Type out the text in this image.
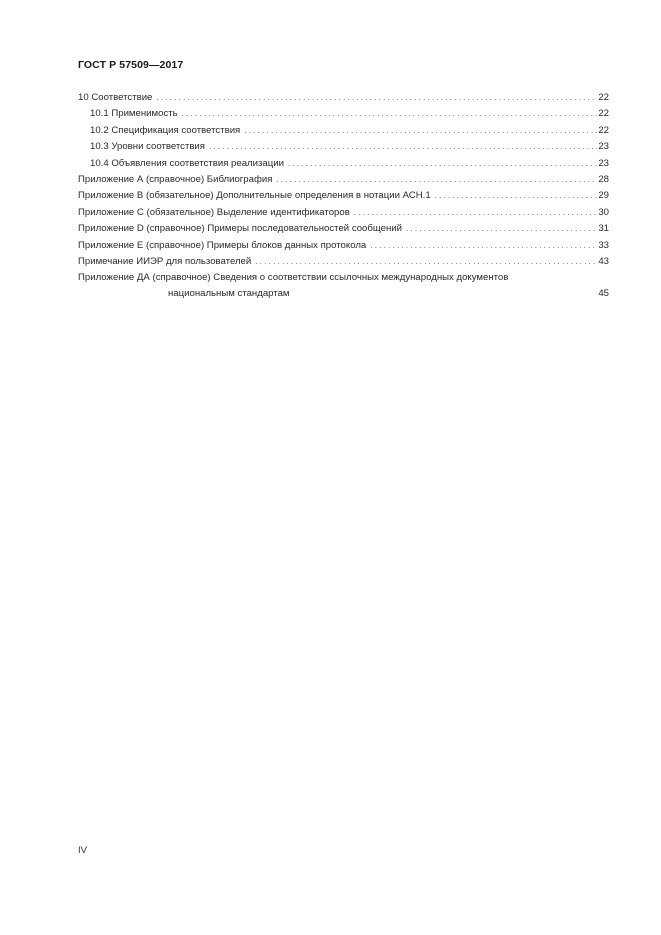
ГОСТ Р 57509—2017
10 Соответствие . . .	22
10.1 Применимость . . .	22
10.2 Спецификация соответствия . . .	22
10.3 Уровни соответствия . . .	23
10.4 Объявления соответствия реализации . . .	23
Приложение А (справочное) Библиография . . .	28
Приложение В (обязательное) Дополнительные определения в нотации АСН.1 . . .	29
Приложение С (обязательное) Выделение идентификаторов . . .	30
Приложение D (справочное) Примеры последовательностей сообщений . . .	31
Приложение Е (справочное) Примеры блоков данных протокола . . .	33
Примечание ИИЭР для пользователей . . .	43
Приложение ДА (справочное) Сведения о соответствии ссылочных международных документов
национальным стандартам	45
IV
